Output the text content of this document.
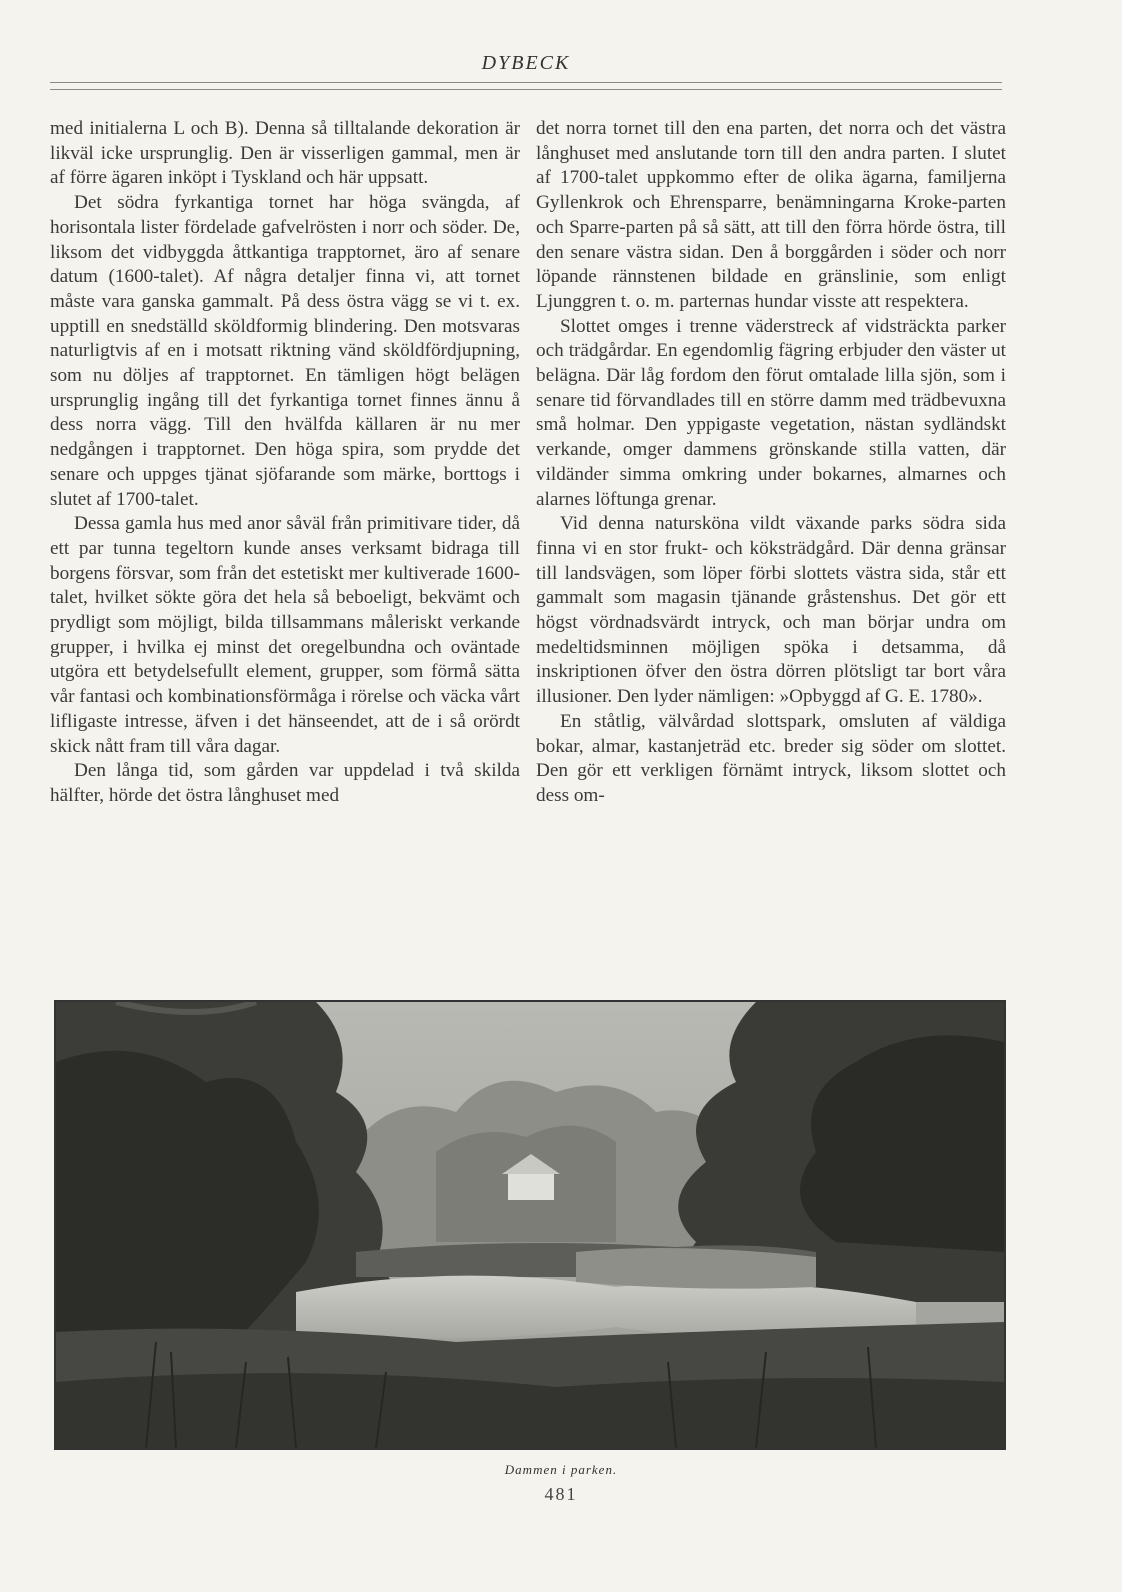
DYBECK

med initialerna L och B). Denna så tilltalande dekoration är likväl icke ursprunglig. Den är visserligen gammal, men är af förre ägaren inköpt i Tyskland och här uppsatt.

Det södra fyrkantiga tornet har höga svängda, af horisontala lister fördelade gafvelrösten i norr och söder. De, liksom det vidbyggda åttkantiga trapptornet, äro af senare datum (1600-talet). Af några detaljer finna vi, att tornet måste vara ganska gammalt. På dess östra vägg se vi t. ex. upptill en snedställd sköldformig blindering. Den motsvaras naturligtvis af en i motsatt riktning vänd sköldfördjupning, som nu döljes af trapptornet. En tämligen högt belägen ursprunglig ingång till det fyrkantiga tornet finnes ännu å dess norra vägg. Till den hvälfda källaren är nu mer nedgången i trapptornet. Den höga spira, som prydde det senare och uppges tjänat sjöfarande som märke, borttogs i slutet af 1700-talet.

Dessa gamla hus med anor såväl från primitivare tider, då ett par tunna tegeltorn kunde anses verksamt bidraga till borgens försvar, som från det estetiskt mer kultiverade 1600-talet, hvilket sökte göra det hela så beboeligt, bekvämt och prydligt som möjligt, bilda tillsammans måleriskt verkande grupper, i hvilka ej minst det oregelbundna och oväntade utgöra ett betydelsefullt element, grupper, som förmå sätta vår fantasi och kombinationsförmåga i rörelse och väcka vårt lifligaste intresse, äfven i det hänseendet, att de i så orördt skick nått fram till våra dagar.

Den långa tid, som gården var uppdelad i två skilda hälfter, hörde det östra långhuset med

det norra tornet till den ena parten, det norra och det västra långhuset med anslutande torn till den andra parten. I slutet af 1700-talet uppkommo efter de olika ägarna, familjerna Gyllenkrok och Ehrensparre, benämningarna Kroke-parten och Sparre-parten på så sätt, att till den förra hörde östra, till den senare västra sidan. Den å borggården i söder och norr löpande rännstenen bildade en gränslinie, som enligt Ljunggren t. o. m. parternas hundar visste att respektera.

Slottet omges i trenne väderstreck af vidsträckta parker och trädgårdar. En egendomlig fägring erbjuder den väster ut belägna. Där låg fordom den förut omtalade lilla sjön, som i senare tid förvandlades till en större damm med trädbevuxna små holmar. Den yppigaste vegetation, nästan sydländskt verkande, omger dammens grönskande stilla vatten, där vildänder simma omkring under bokarnes, almarnes och alarnes löftunga grenar.

Vid denna natursköna vildt växande parks södra sida finna vi en stor frukt- och köksträdgård. Där denna gränsar till landsvägen, som löper förbi slottets västra sida, står ett gammalt som magasin tjänande gråstenshus. Det gör ett högst vördnadsvärdt intryck, och man börjar undra om medeltidsminnen möjligen spöka i detsamma, då inskriptionen öfver den östra dörren plötsligt tar bort våra illusioner. Den lyder nämligen: »Opbyggd af G. E. 1780».

En ståtlig, välvårdad slottspark, omsluten af väldiga bokar, almar, kastanjeträd etc. breder sig söder om slottet. Den gör ett verkligen förnämt intryck, liksom slottet och dess om-

Dammen i parken.
481
